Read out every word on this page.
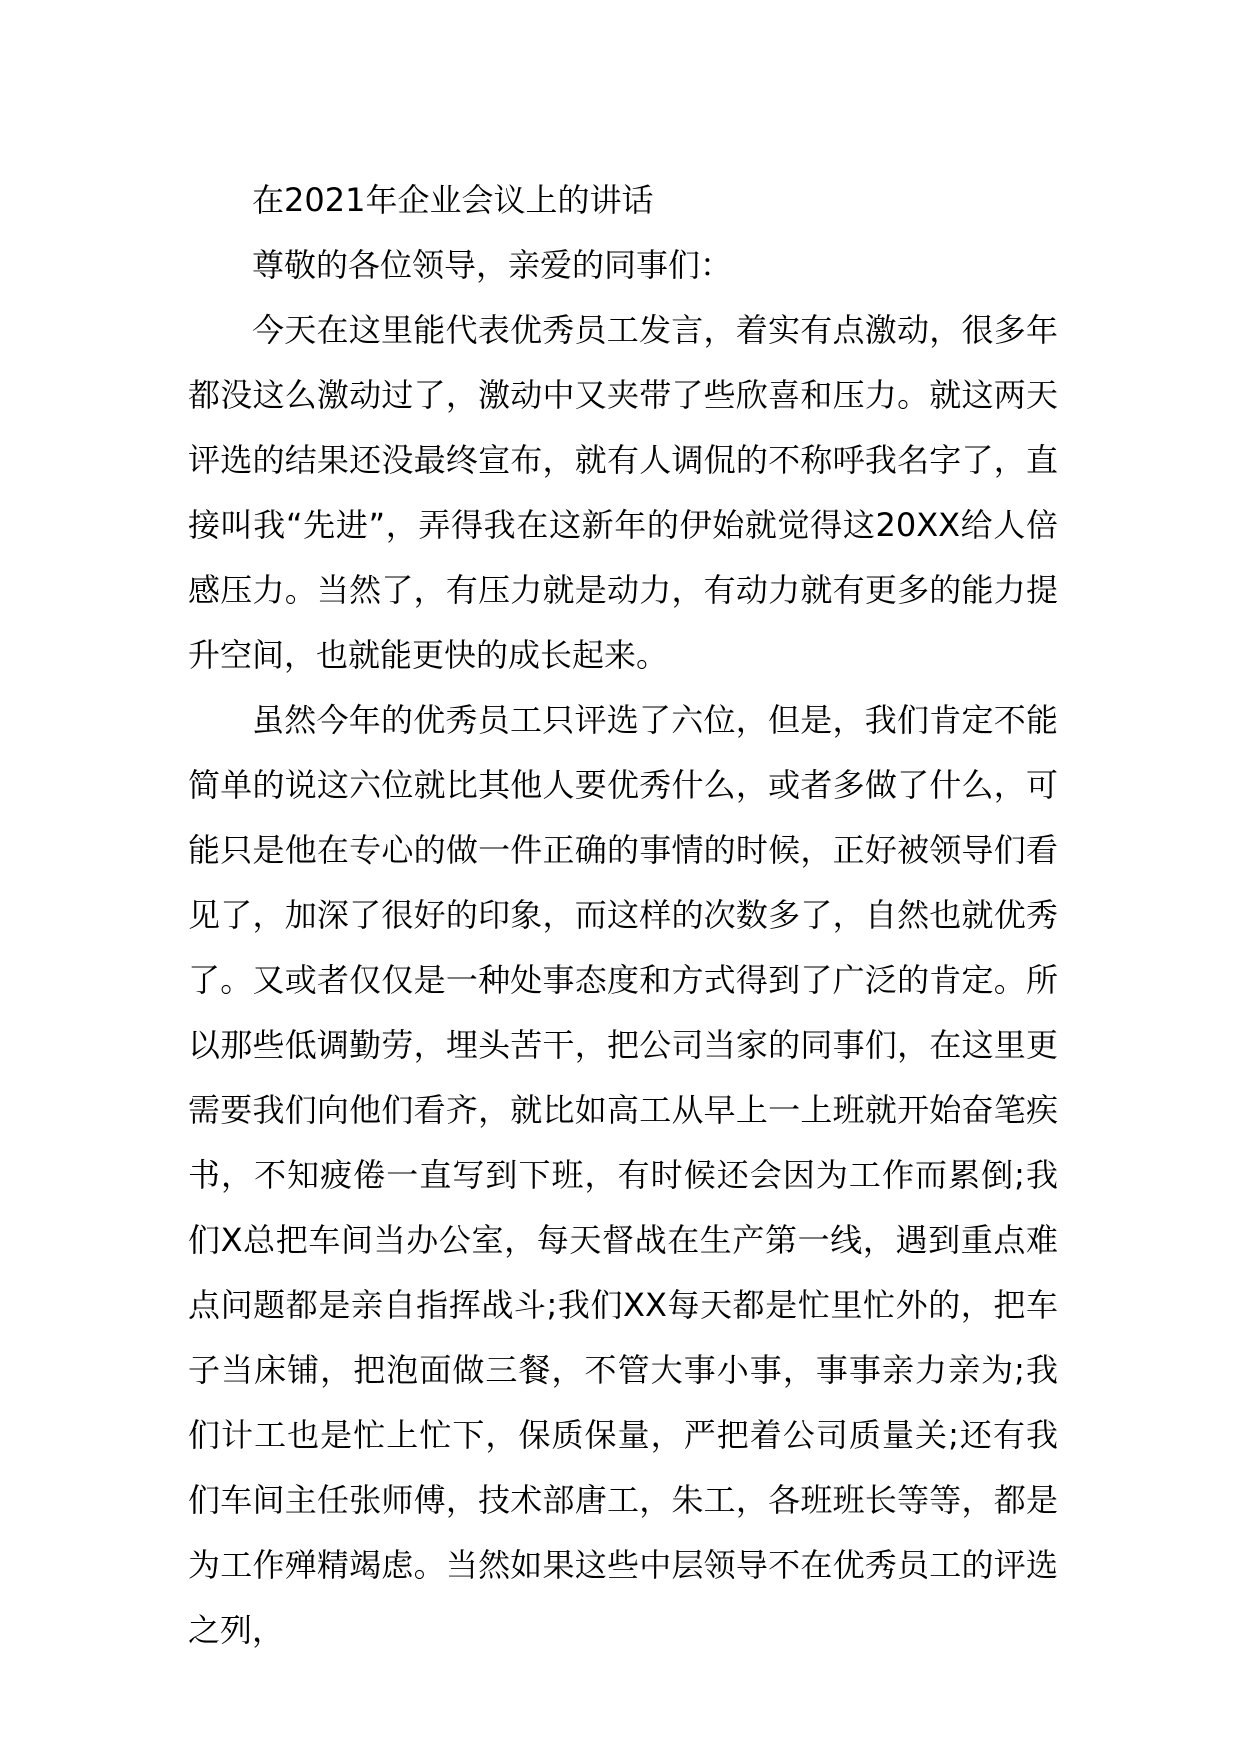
在2021年企业会议上的讲话

尊敬的各位领导，亲爱的同事们：

今天在这里能代表优秀员工发言，着实有点激动，很多年都没这么激动过了，激动中又夹带了些欣喜和压力。就这两天评选的结果还没最终宣布，就有人调侃的不称呼我名字了，直接叫我“先进”，弄得我在这新年的伊始就觉得这20XX给人倍感压力。当然了，有压力就是动力，有动力就有更多的能力提升空间，也就能更快的成长起来。

虽然今年的优秀员工只评选了六位，但是，我们肯定不能简单的说这六位就比其他人要优秀什么，或者多做了什么，可能只是他在专心的做一件正确的事情的时候，正好被领导们看见了，加深了很好的印象，而这样的次数多了，自然也就优秀了。又或者仅仅是一种处事态度和方式得到了广泛的肯定。所以那些低调勤劳，埋头苦干，把公司当家的同事们，在这里更需要我们向他们看齐，就比如高工从早上一上班就开始奋笔疾书，不知疲倦一直写到下班，有时候还会因为工作而累倒;我们X总把车间当办公室，每天督战在生产第一线，遇到重点难点问题都是亲自指挥战斗;我们XX每天都是忙里忙外的，把车子当床铺，把泡面做三餐，不管大事小事，事事亲力亲为;我们计工也是忙上忙下，保质保量，严把着公司质量关;还有我们车间主任张师傅，技术部唐工，朱工，各班班长等等，都是为工作殚精竭虑。当然如果这些中层领导不在优秀员工的评选之列，
